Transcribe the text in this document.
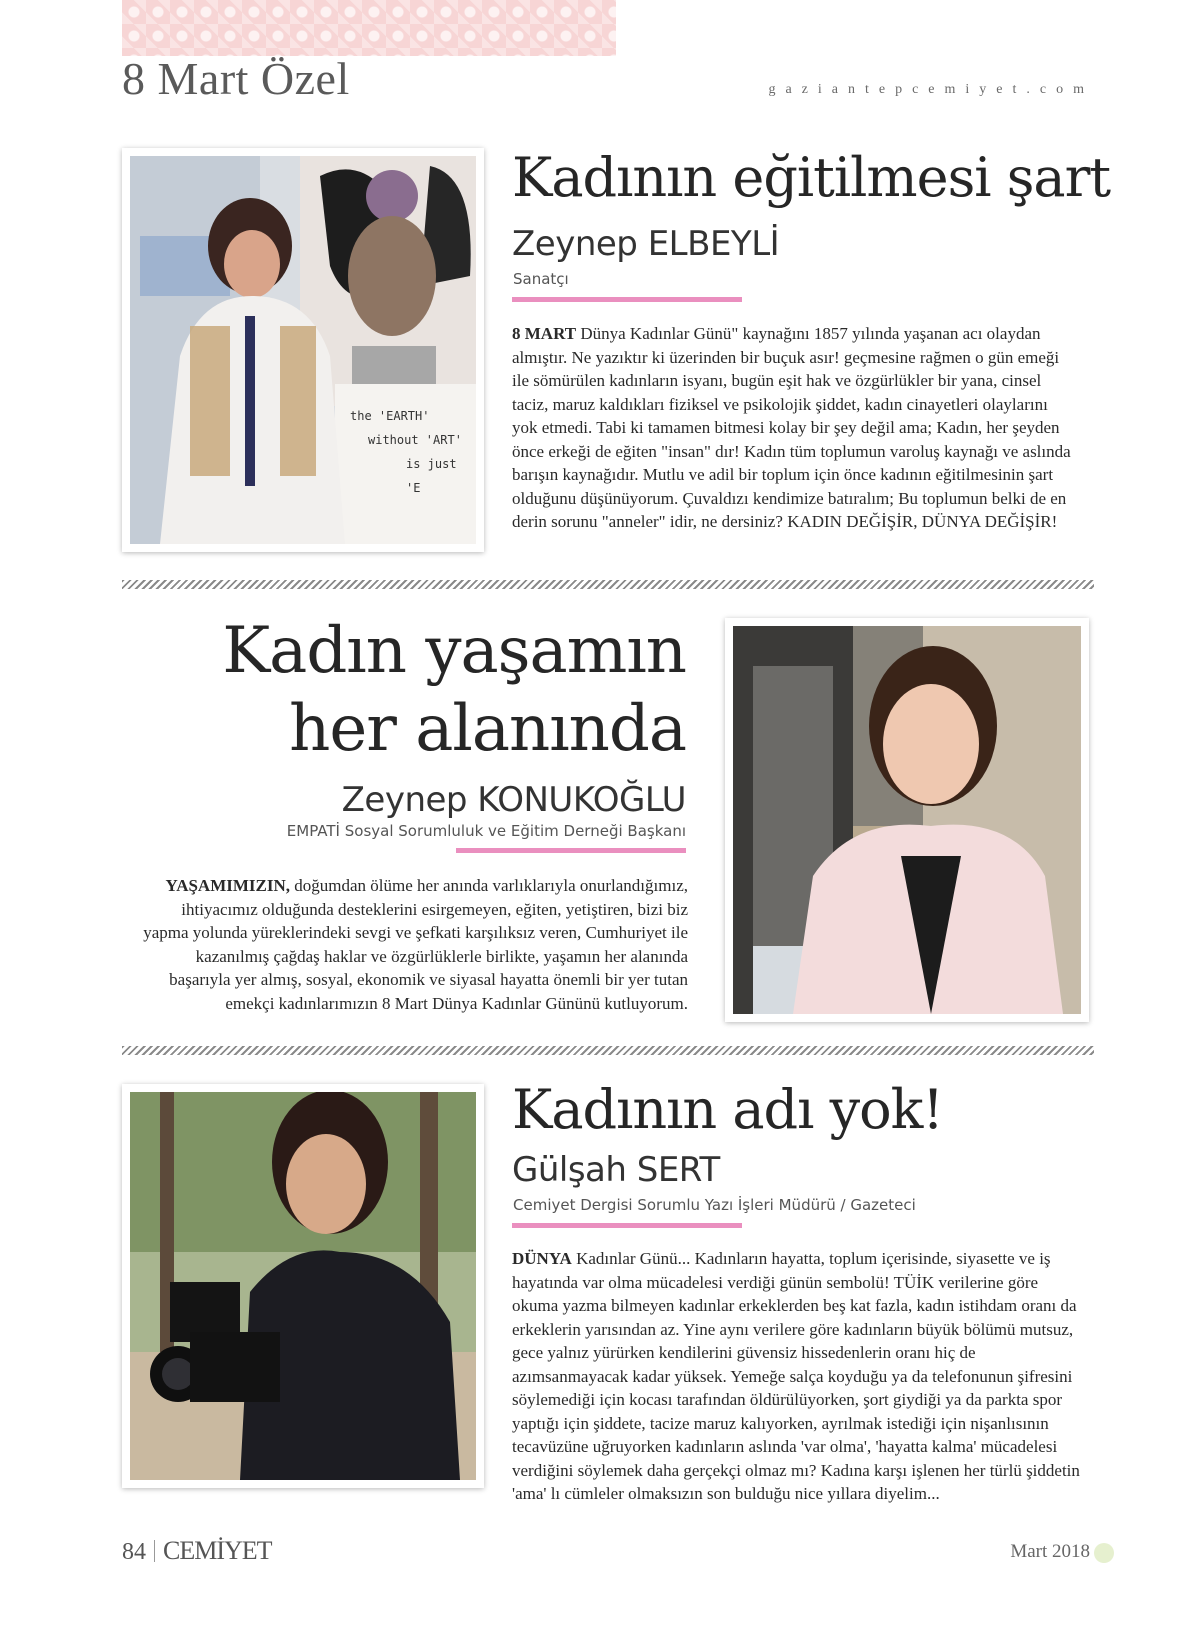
8 Mart Özel	gaziantepcemiyet.com
the 'EARTH'
without 'ART'
is just 'E
Kadının eğitilmesi şart
Zeynep ELBEYLİ
Sanatçı

8 MART Dünya Kadınlar Günü" kaynağını 1857 yılında yaşanan acı olaydan almıştır. Ne yazıktır ki üzerinden bir buçuk asır! geçmesine rağmen o gün emeği ile sömürülen kadınların isyanı, bugün eşit hak ve özgürlükler bir yana, cinsel taciz, maruz kaldıkları fiziksel ve psikolojik şiddet, kadın cinayetleri olaylarını yok etmedi. Tabi ki tamamen bitmesi kolay bir şey değil ama; Kadın, her şeyden önce erkeği de eğiten "insan" dır! Kadın tüm toplumun varoluş kaynağı ve aslında barışın kaynağıdır. Mutlu ve adil bir toplum için önce kadının eğitilmesinin şart olduğunu düşünüyorum. Çuvaldızı kendimize batıralım; Bu toplumun belki de en derin sorunu "anneler" idir, ne dersiniz? KADIN DEĞİŞİR, DÜNYA DEĞİŞİR!

Kadın yaşamın
her alanında
Zeynep KONUKOĞLU
EMPATİ Sosyal Sorumluluk ve Eğitim Derneği Başkanı

YAŞAMIMIZIN, doğumdan ölüme her anında varlıklarıyla onurlandığımız, ihtiyacımız olduğunda desteklerini esirgemeyen, eğiten, yetiştiren, bizi biz yapma yolunda yüreklerindeki sevgi ve şefkati karşılıksız veren, Cumhuriyet ile kazanılmış çağdaş haklar ve özgürlüklerle birlikte, yaşamın her alanında başarıyla yer almış, sosyal, ekonomik ve siyasal hayatta önemli bir yer tutan emekçi kadınlarımızın 8 Mart Dünya Kadınlar Gününü kutluyorum.

Kadının adı yok!
Gülşah SERT
Cemiyet Dergisi Sorumlu Yazı İşleri Müdürü / Gazeteci

DÜNYA Kadınlar Günü... Kadınların hayatta, toplum içerisinde, siyasette ve iş hayatında var olma mücadelesi verdiği günün sembolü! TÜİK verilerine göre okuma yazma bilmeyen kadınlar erkeklerden beş kat fazla, kadın istihdam oranı da erkeklerin yarısından az. Yine aynı verilere göre kadınların büyük bölümü mutsuz, gece yalnız yürürken kendilerini güvensiz hissedenlerin oranı hiç de azımsanmayacak kadar yüksek. Yemeğe salça koyduğu ya da telefonunun şifresini söylemediği için kocası tarafından öldürülüyorken, şort giydiği ya da parkta spor yaptığı için şiddete, tacize maruz kalıyorken, ayrılmak istediği için nişanlısının tecavüzüne uğruyorken kadınların aslında 'var olma', 'hayatta kalma' mücadelesi verdiğini söylemek daha gerçekçi olmaz mı? Kadına karşı işlenen her türlü şiddetin 'ama' lı cümleler olmaksızın son bulduğu nice yıllara diyelim...

84 CEMİYET	Mart 2018
